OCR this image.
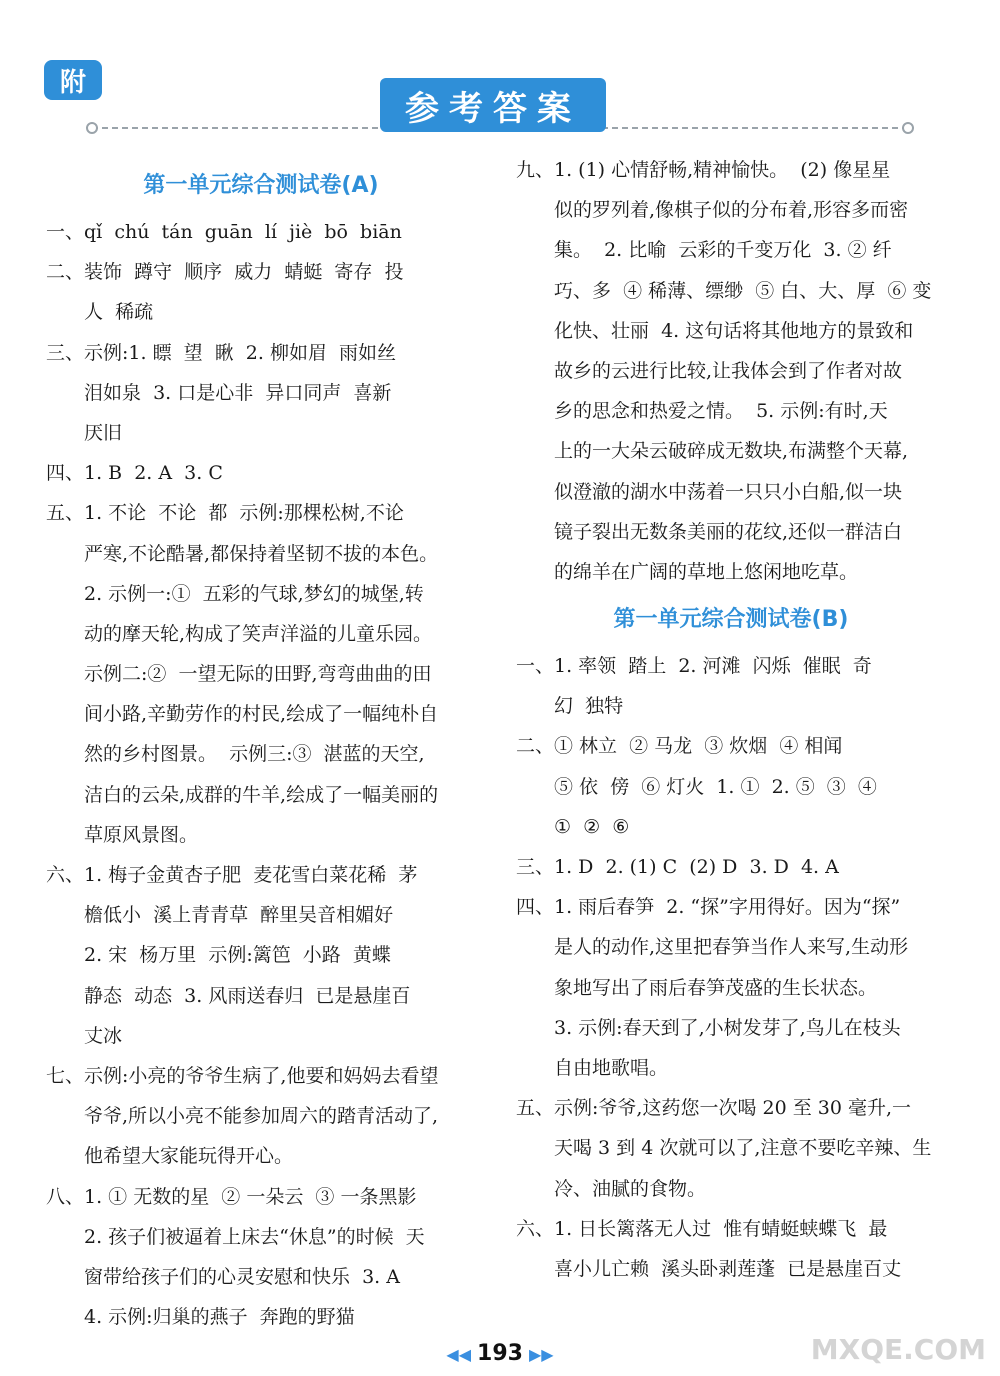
附
参考答案
第一单元综合测试卷(A)
一、qǐ  chú  tán  guān  lí  jiè  bō  biān
二、装饰  蹲守  顺序  威力  蜻蜓  寄存  投
人  稀疏
三、示例:1. 瞟  望  瞅  2. 柳如眉  雨如丝
泪如泉  3. 口是心非  异口同声  喜新
厌旧
四、1. B  2. A  3. C
五、1. 不论  不论  都  示例:那棵松树,不论
严寒,不论酷暑,都保持着坚韧不拔的本色。
2. 示例一:①  五彩的气球,梦幻的城堡,转
动的摩天轮,构成了笑声洋溢的儿童乐园。
示例二:②  一望无际的田野,弯弯曲曲的田
间小路,辛勤劳作的村民,绘成了一幅纯朴自
然的乡村图景。  示例三:③  湛蓝的天空,
洁白的云朵,成群的牛羊,绘成了一幅美丽的
草原风景图。
六、1. 梅子金黄杏子肥  麦花雪白菜花稀  茅
檐低小  溪上青青草  醉里吴音相媚好
2. 宋  杨万里  示例:篱笆  小路  黄蝶
静态  动态  3. 风雨送春归  已是悬崖百
丈冰
七、示例:小亮的爷爷生病了,他要和妈妈去看望
爷爷,所以小亮不能参加周六的踏青活动了,
他希望大家能玩得开心。
八、1. ① 无数的星  ② 一朵云  ③ 一条黑影
2. 孩子们被逼着上床去“休息”的时候  天
窗带给孩子们的心灵安慰和快乐  3. A
4. 示例:归巢的燕子  奔跑的野猫
九、1. (1) 心情舒畅,精神愉快。  (2) 像星星
似的罗列着,像棋子似的分布着,形容多而密
集。  2. 比喻  云彩的千变万化  3. ② 纤
巧、多  ④ 稀薄、缥缈  ⑤ 白、大、厚  ⑥ 变
化快、壮丽  4. 这句话将其他地方的景致和
故乡的云进行比较,让我体会到了作者对故
乡的思念和热爱之情。  5. 示例:有时,天
上的一大朵云破碎成无数块,布满整个天幕,
似澄澈的湖水中荡着一只只小白船,似一块
镜子裂出无数条美丽的花纹,还似一群洁白
的绵羊在广阔的草地上悠闲地吃草。
第一单元综合测试卷(B)
一、1. 率领  踏上  2. 河滩  闪烁  催眠  奇
幻  独特
二、① 林立  ② 马龙  ③ 炊烟  ④ 相闻
⑤ 依  傍  ⑥ 灯火  1. ①  2. ⑤  ③  ④
①  ②  ⑥
三、1. D  2. (1) C  (2) D  3. D  4. A
四、1. 雨后春笋  2. “探”字用得好。因为“探”
是人的动作,这里把春笋当作人来写,生动形
象地写出了雨后春笋茂盛的生长状态。
3. 示例:春天到了,小树发芽了,鸟儿在枝头
自由地歌唱。
五、示例:爷爷,这药您一次喝 20 至 30 毫升,一
天喝 3 到 4 次就可以了,注意不要吃辛辣、生
冷、油腻的食物。
六、1. 日长篱落无人过  惟有蜻蜓蛱蝶飞  最
喜小儿亡赖  溪头卧剥莲蓬  已是悬崖百丈
◀◀ 193 ▶▶	MXQE.COM
